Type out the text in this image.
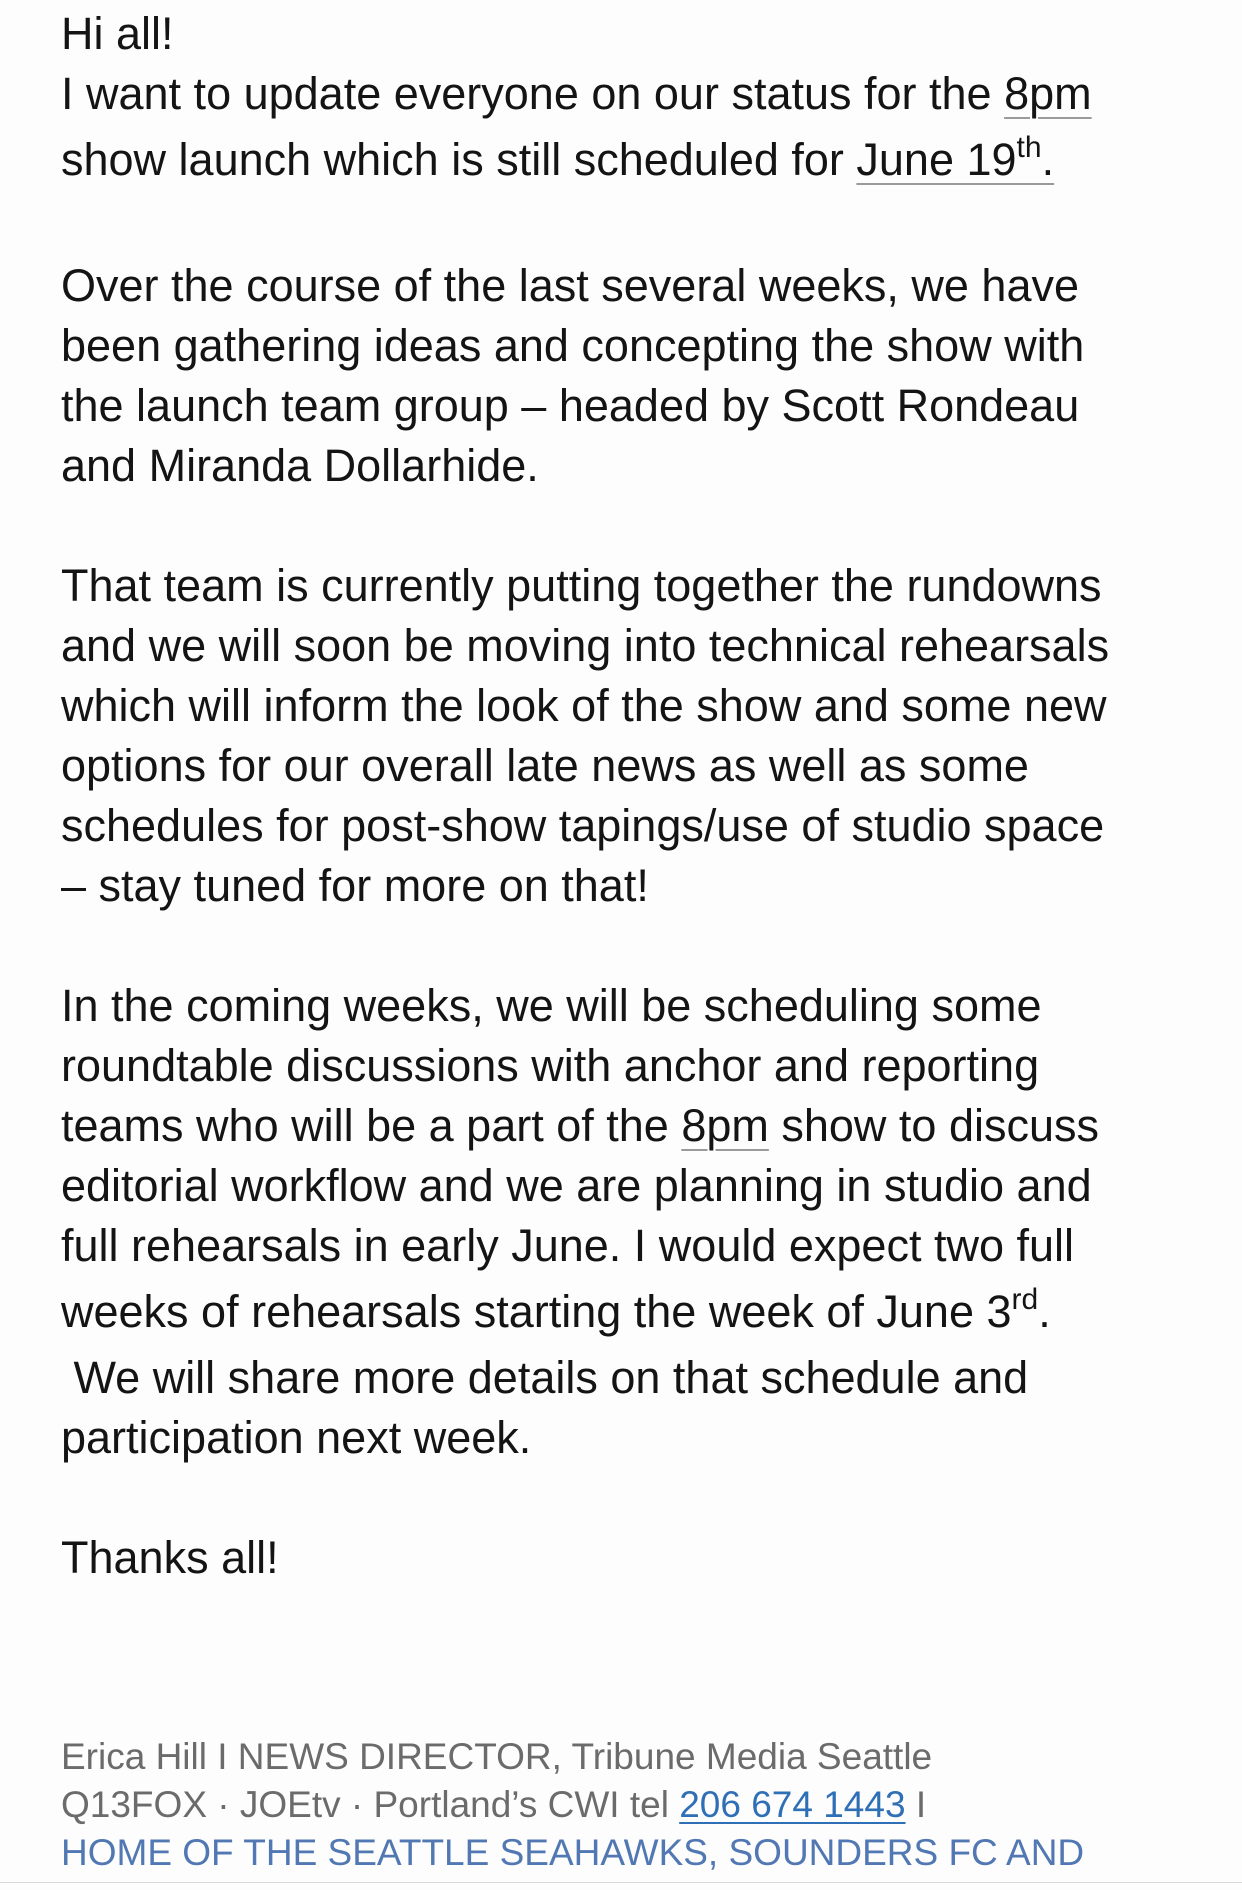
Hi all!
I want to update everyone on our status for the 8pm
show launch which is still scheduled for June 19th.
Over the course of the last several weeks, we have
been gathering ideas and concepting the show with
the launch team group – headed by Scott Rondeau
and Miranda Dollarhide.
That team is currently putting together the rundowns
and we will soon be moving into technical rehearsals
which will inform the look of the show and some new
options for our overall late news as well as some
schedules for post-show tapings/use of studio space
– stay tuned for more on that!
In the coming weeks, we will be scheduling some
roundtable discussions with anchor and reporting
teams who will be a part of the 8pm show to discuss
editorial workflow and we are planning in studio and
full rehearsals in early June. I would expect two full
weeks of rehearsals starting the week of June 3rd.
We will share more details on that schedule and
participation next week.
Thanks all!
Erica Hill I NEWS DIRECTOR, Tribune Media Seattle
Q13FOX · JOEtv · Portland’s CWI tel 206 674 1443 I
HOME OF THE SEATTLE SEAHAWKS, SOUNDERS FC AND
